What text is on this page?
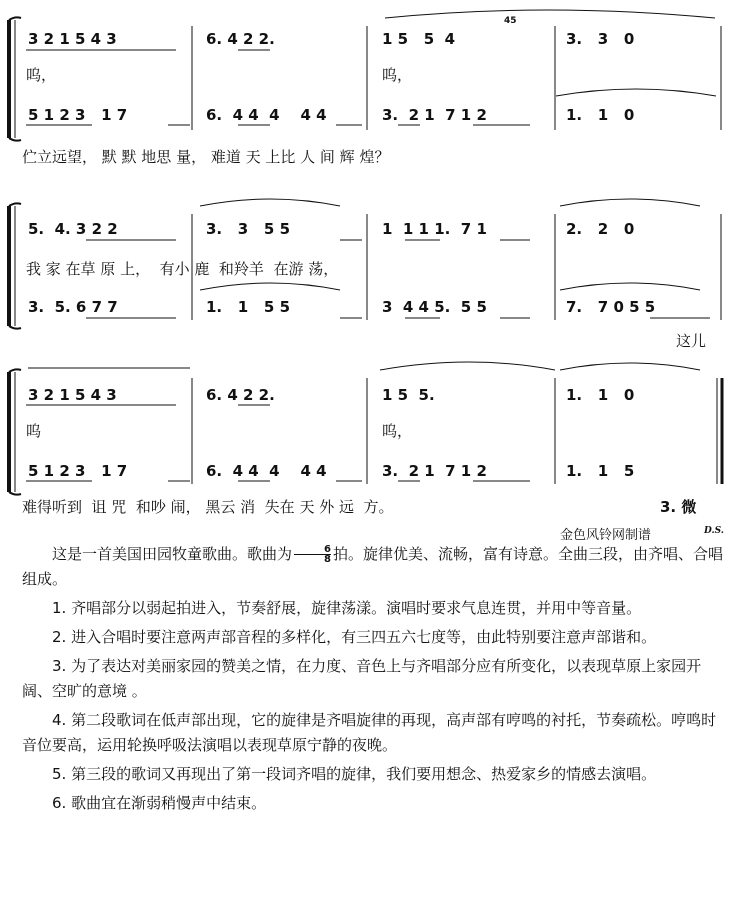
3 2 1 5 4 3	6. 4 2 2.	1 5   5  4
45
3.   3   0
呜，	呜，
5 1 2 3   1 7	6.  4 4  4    4 4	3.  2 1  7 1 2	1.   1   0
伫立远望， 默 默 地思 量， 难道 天 上比 人 间 辉 煌？
5.  4. 3 2 2	3.   3   5 5	1  1 1 1.  7 1	2.   2   0
我 家 在草 原 上，  有小 鹿  和羚羊  在游 荡，
3.  5. 6 7 7	1.   1   5 5	3  4 4 5.  5 5	7.   7 0 5 5
这儿
3 2 1 5 4 3	6. 4 2 2.	1 5  5.	1.   1   0
呜	呜，
5 1 2 3   1 7	6.  4 4  4    4 4	3.  2 1  7 1 2	1.   1   5
难得听到  诅 咒  和吵 闹， 黑云 消  失在 天 外 远  方。	3. 微
金色风铃网制谱	D.S.

这是一首美国田园牧童歌曲。歌曲为 $\frac{6}{8}$ 拍。旋律优美、流畅，富有诗意。全曲三段，由齐唱、合唱组成。

1. 齐唱部分以弱起拍进入，节奏舒展，旋律荡漾。演唱时要求气息连贯，并用中等音量。

2. 进入合唱时要注意两声部音程的多样化，有三四五六七度等，由此特别要注意声部谐和。

3. 为了表达对美丽家园的赞美之情，在力度、音色上与齐唱部分应有所变化，以表现草原上家园开阔、空旷的意境 。

4. 第二段歌词在低声部出现，它的旋律是齐唱旋律的再现，高声部有哼鸣的衬托，节奏疏松。哼鸣时音位要高，运用轮换呼吸法演唱以表现草原宁静的夜晚。

5. 第三段的歌词又再现出了第一段词齐唱的旋律，我们要用想念、热爱家乡的情感去演唱。

6. 歌曲宜在渐弱稍慢声中结束。
